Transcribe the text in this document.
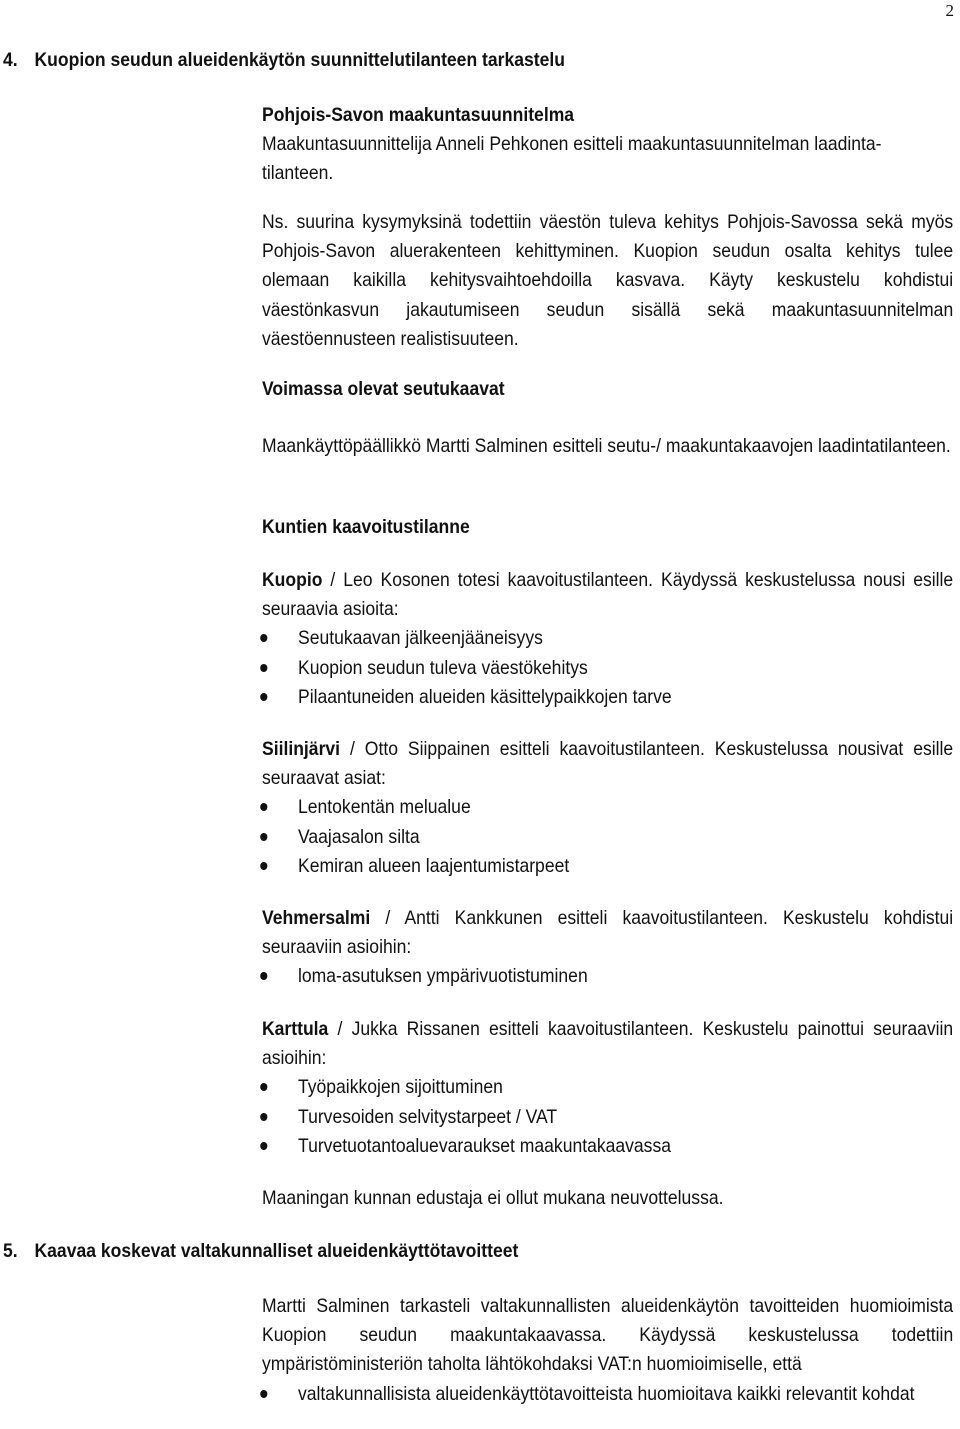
2
4. Kuopion seudun alueidenkäytön suunnittelutilanteen tarkastelu

Pohjois-Savon maakuntasuunnitelma

Maakuntasuunnittelija Anneli Pehkonen esitteli maakuntasuunnitelman laadinta-

tilanteen.

Ns. suurina kysymyksinä todettiin väestön tuleva kehitys Pohjois-Savossa sekä myös Pohjois-Savon aluerakenteen kehittyminen. Kuopion seudun osalta kehitys tulee olemaan kaikilla kehitysvaihtoehdoilla kasvava. Käyty keskustelu kohdistui väestönkasvun jakautumiseen seudun sisällä sekä maakuntasuunnitelman väestöennusteen realistisuuteen.
Voimassa olevat seutukaavat
Maankäyttöpäällikkö Martti Salminen esitteli seutu-/ maakuntakaavojen laadintatilanteen.
Kuntien kaavoitustilanne

Kuopio / Leo Kosonen totesi kaavoitustilanteen. Käydyssä keskustelussa nousi esille seuraavia asioita:

Seutukaavan jälkeenjääneisyys
Kuopion seudun tuleva väestökehitys
Pilaantuneiden alueiden käsittelypaikkojen tarve

Siilinjärvi / Otto Siippainen esitteli kaavoitustilanteen. Keskustelussa nousivat esille seuraavat asiat:

Lentokentän melualue
Vaajasalon silta
Kemiran alueen laajentumistarpeet

Vehmersalmi / Antti Kankkunen esitteli kaavoitustilanteen. Keskustelu kohdistui seuraaviin asioihin:

loma-asutuksen ympärivuotistuminen

Karttula / Jukka Rissanen esitteli kaavoitustilanteen. Keskustelu painottui seuraaviin asioihin:

Työpaikkojen sijoittuminen
Turvesoiden selvitystarpeet / VAT
Turvetuotantoaluevaraukset maakuntakaavassa
Maaningan kunnan edustaja ei ollut mukana neuvottelussa.
5. Kaavaa koskevat valtakunnalliset alueidenkäyttötavoitteet

Martti Salminen tarkasteli valtakunnallisten alueidenkäytön tavoitteiden huomioimista Kuopion seudun maakuntakaavassa. Käydyssä keskustelussa todettiin ympäristöministeriön taholta lähtökohdaksi VAT:n huomioimiselle, että

valtakunnallisista alueidenkäyttötavoitteista huomioitava kaikki relevantit kohdat
